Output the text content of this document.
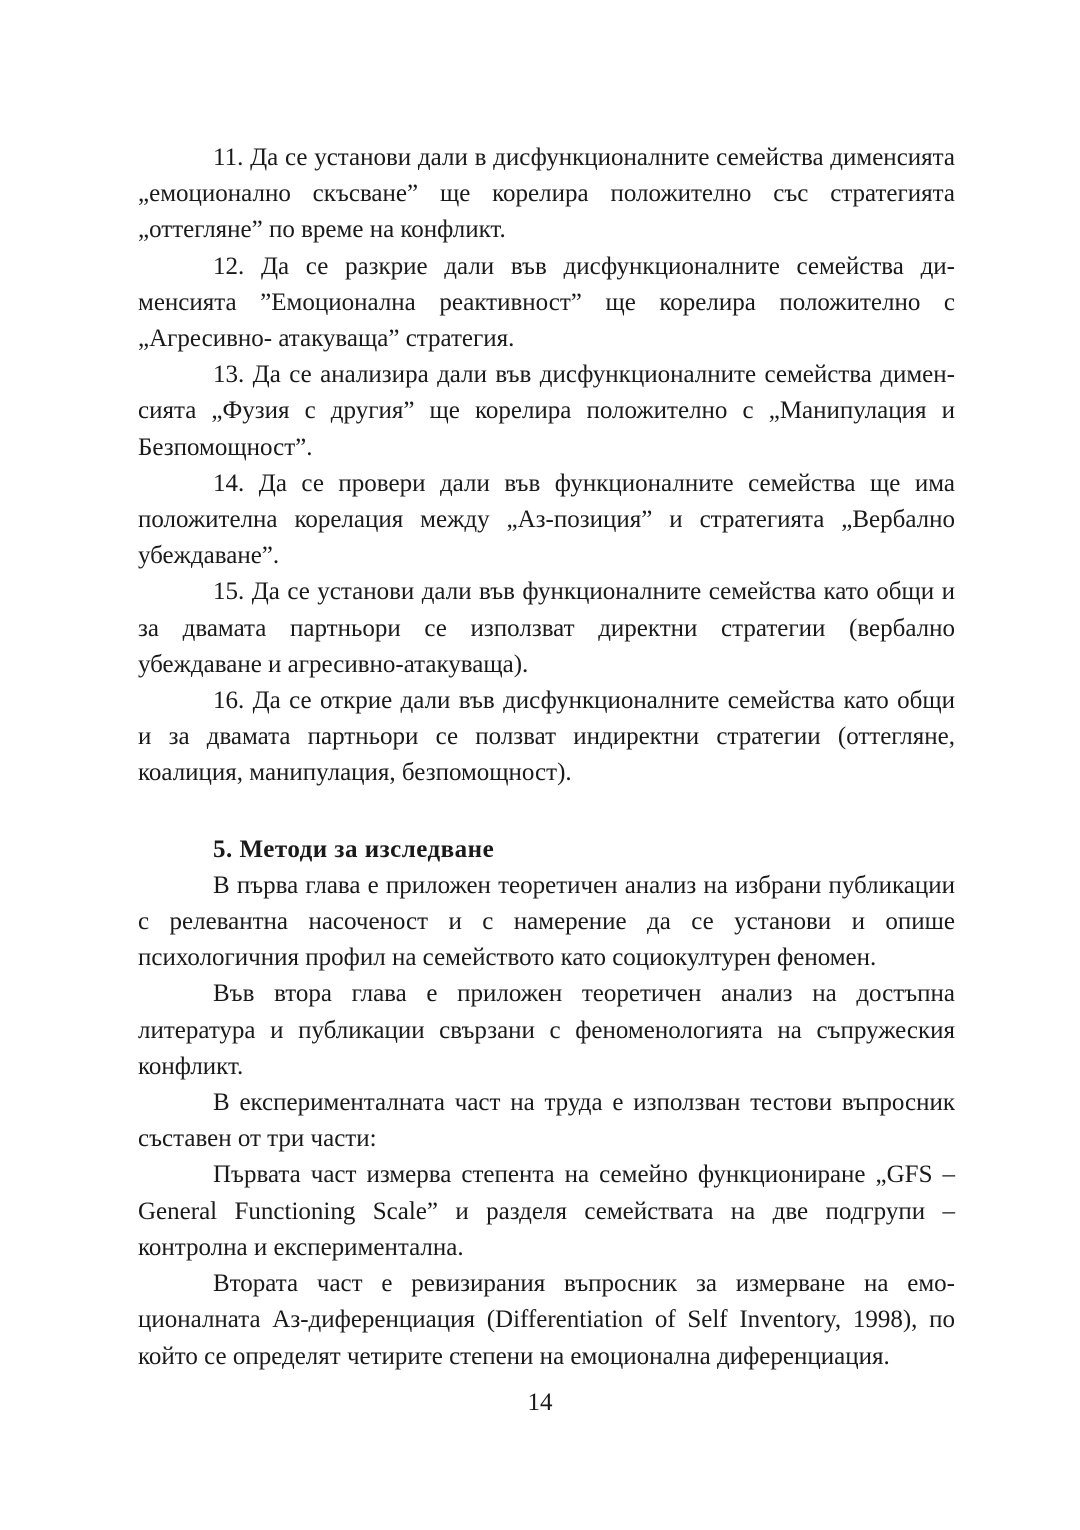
11. Да се установи дали в дисфункционалните семейства дименсията „емоционално скъсване” ще корелира положително със стратегията „оттегляне” по време на конфликт.

12. Да се разкрие дали във дисфункционалните семейства дименсията ”Емоционална реактивност” ще корелира положително с „Агресивно- атакуваща” стратегия.

13. Да се анализира дали във дисфункционалните семейства дименсията „Фузия с другия” ще корелира положително с „Манипулация и Безпомощност”.

14. Да се провери дали във функционалните семейства ще има положителна корелация между „Аз-позиция” и стратегията „Вербално убеждаване”.

15. Да се установи дали във функционалните семейства като общи и за двамата партньори се използват директни стратегии (вербално убеждаване и агресивно-атакуваща).

16. Да се открие дали във дисфункционалните семейства като общи и за двамата партньори се ползват индиректни стратегии (оттегляне, коалиция, манипулация, безпомощност).

5. Методи за изследване

В първа глава е приложен теоретичен анализ на избрани публикации с релевантна насоченост и с намерение да се установи и опише психологичния профил на семейството като социокултурен феномен.

Във втора глава е приложен теоретичен анализ на достъпна литература и публикации свързани с феноменологията на съпружеския конфликт.

В експерименталната част на труда е използван тестови въпросник съставен от три части:

Първата част измерва степента на семейно функциониране „GFS – General Functioning Scale” и разделя семействата на две подгрупи – контролна и експериментална.

Втората част е ревизирания въпросник за измерване на емоционалната Аз-диференциация (Differentiation of Self Inventory, 1998), по който се определят четирите степени на емоционална диференциация.

14
